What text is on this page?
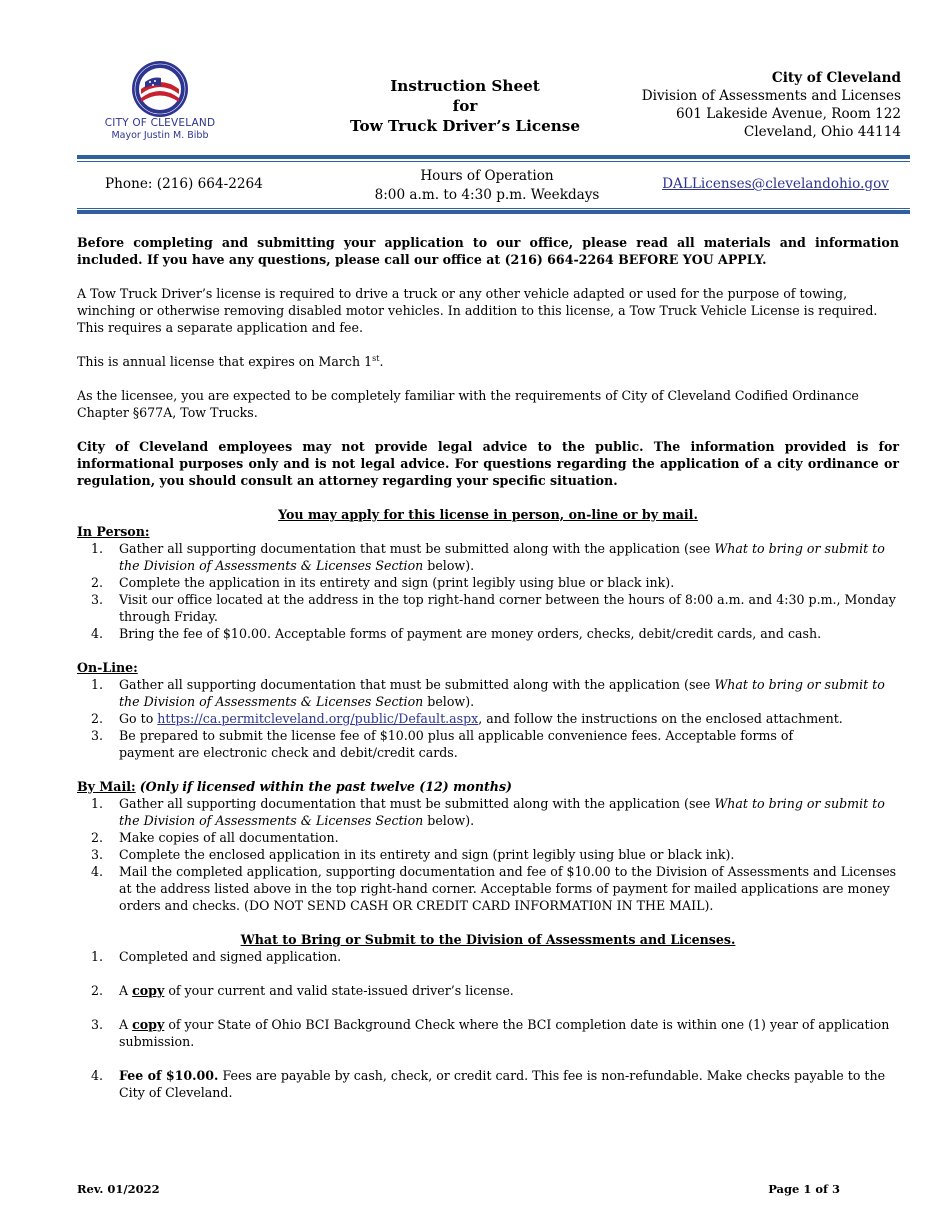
CITY OF CLEVELAND
Mayor Justin M. Bibb
Instruction Sheet
for
Tow Truck Driver’s License
City of Cleveland
Division of Assessments and Licenses
601 Lakeside Avenue, Room 122
Cleveland, Ohio 44114
Phone: (216) 664-2264	Hours of Operation
8:00 a.m. to 4:30 p.m. Weekdays
DALLicenses@clevelandohio.gov

Before completing and submitting your application to our office, please read all materials and information included. If you have any questions, please call our office at (216) 664-2264 BEFORE YOU APPLY.

A Tow Truck Driver’s license is required to drive a truck or any other vehicle adapted or used for the purpose of towing, winching or otherwise removing disabled motor vehicles. In addition to this license, a Tow Truck Vehicle License is required. This requires a separate application and fee.

This is annual license that expires on March 1st.

As the licensee, you are expected to be completely familiar with the requirements of City of Cleveland Codified Ordinance Chapter §677A, Tow Trucks.

City of Cleveland employees may not provide legal advice to the public. The information provided is for informational purposes only and is not legal advice. For questions regarding the application of a city ordinance or regulation, you should consult an attorney regarding your specific situation.

You may apply for this license in person, on-line or by mail.

In Person:

1. Gather all supporting documentation that must be submitted along with the application (see What to bring or submit to the Division of Assessments & Licenses Section below).
2. Complete the application in its entirety and sign (print legibly using blue or black ink).
3. Visit our office located at the address in the top right-hand corner between the hours of 8:00 a.m. and 4:30 p.m., Monday through Friday.
4. Bring the fee of $10.00. Acceptable forms of payment are money orders, checks, debit/credit cards, and cash.

On-Line:

1. Gather all supporting documentation that must be submitted along with the application (see What to bring or submit to the Division of Assessments & Licenses Section below).
2. Go to https://ca.permitcleveland.org/public/Default.aspx, and follow the instructions on the enclosed attachment.
3. Be prepared to submit the license fee of $10.00 plus all applicable convenience fees. Acceptable forms of
payment are electronic check and debit/credit cards.

By Mail: (Only if licensed within the past twelve (12) months)

1. Gather all supporting documentation that must be submitted along with the application (see What to bring or submit to the Division of Assessments & Licenses Section below).
2. Make copies of all documentation.
3. Complete the enclosed application in its entirety and sign (print legibly using blue or black ink).
4. Mail the completed application, supporting documentation and fee of $10.00 to the Division of Assessments and Licenses at the address listed above in the top right-hand corner. Acceptable forms of payment for mailed applications are money orders and checks. (DO NOT SEND CASH OR CREDIT CARD INFORMATI0N IN THE MAIL).

What to Bring or Submit to the Division of Assessments and Licenses.

1. Completed and signed application.
2. A copy of your current and valid state-issued driver’s license.
3. A copy of your State of Ohio BCI Background Check where the BCI completion date is within one (1) year of application submission.
4. Fee of $10.00. Fees are payable by cash, check, or credit card. This fee is non-refundable. Make checks payable to the City of Cleveland.
Rev. 01/2022	Page 1 of 3
